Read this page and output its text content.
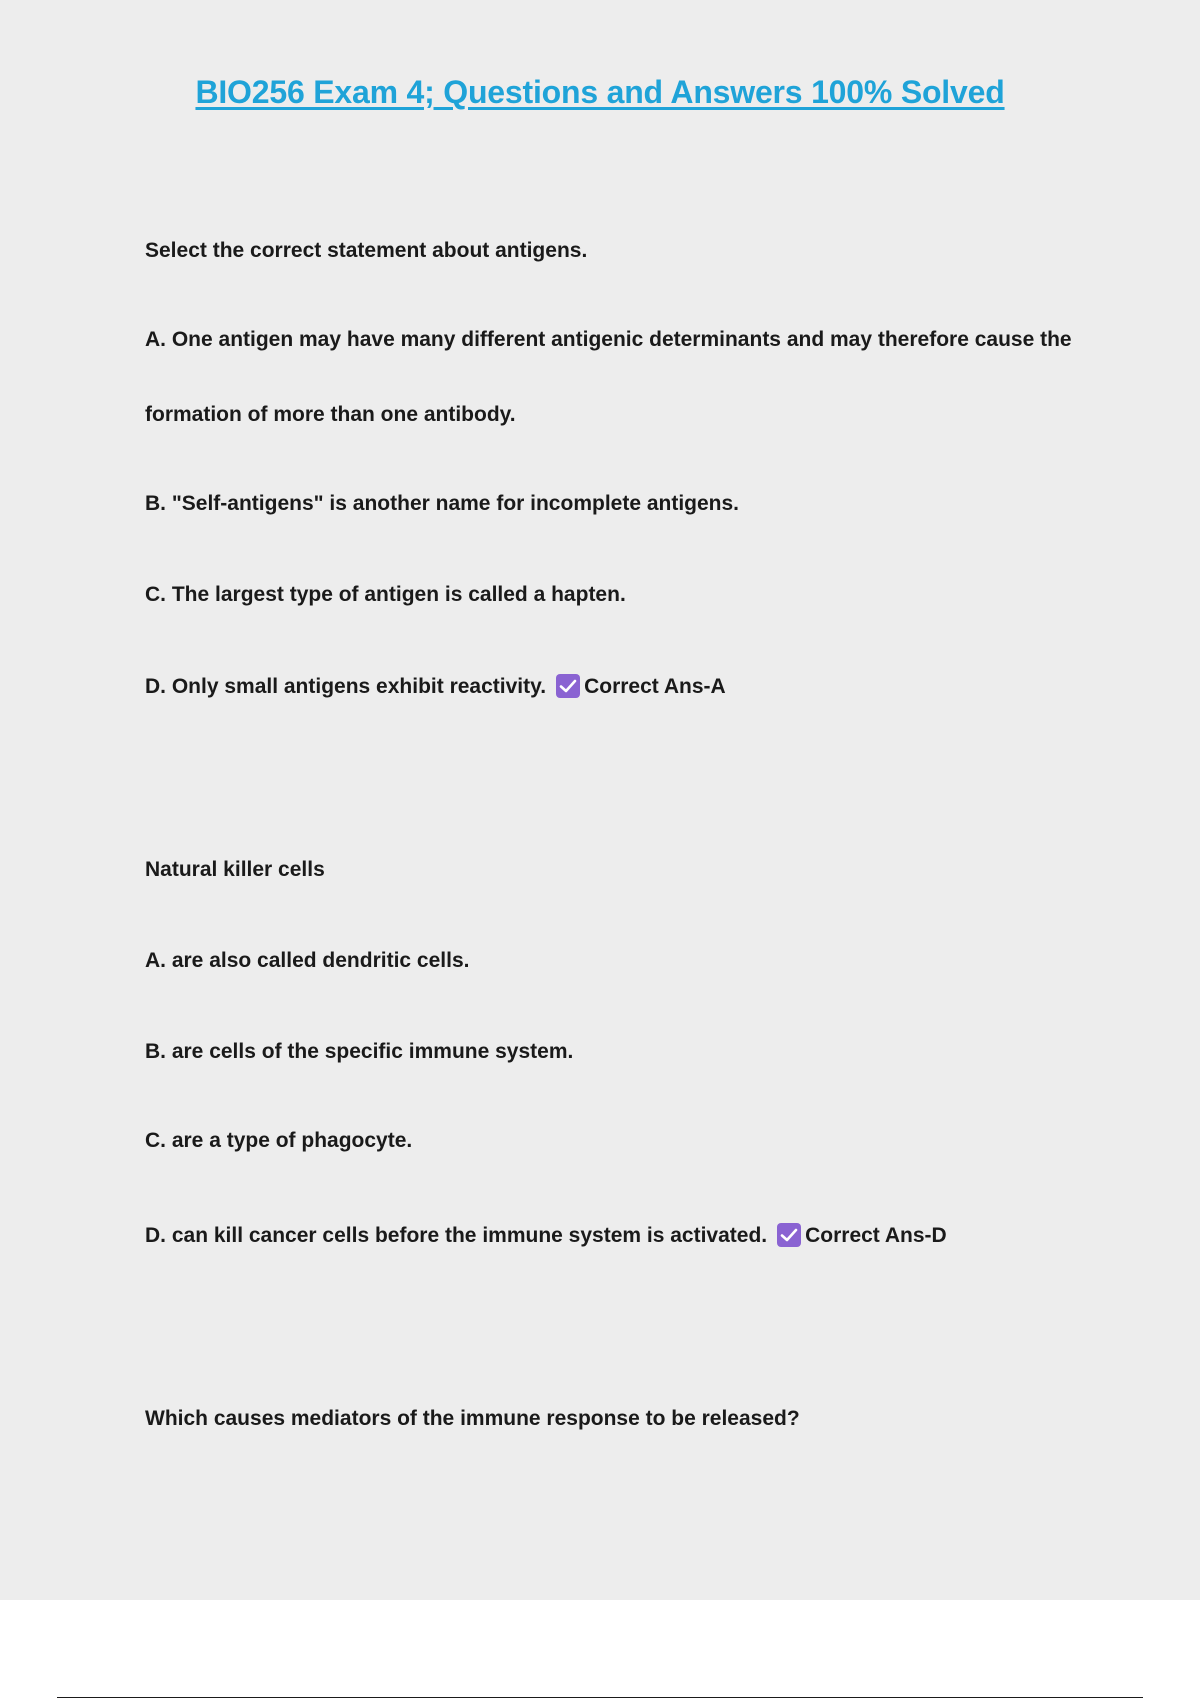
BIO256 Exam 4; Questions and Answers 100% Solved
Select the correct statement about antigens.
A. One antigen may have many different antigenic determinants and may therefore cause the
formation of more than one antibody.
B. "Self-antigens" is another name for incomplete antigens.
C. The largest type of antigen is called a hapten.
D. Only small antigens exhibit reactivity. Correct Ans-A
Natural killer cells
A. are also called dendritic cells.
B. are cells of the specific immune system.
C. are a type of phagocyte.
D. can kill cancer cells before the immune system is activated. Correct Ans-D
Which causes mediators of the immune response to be released?
